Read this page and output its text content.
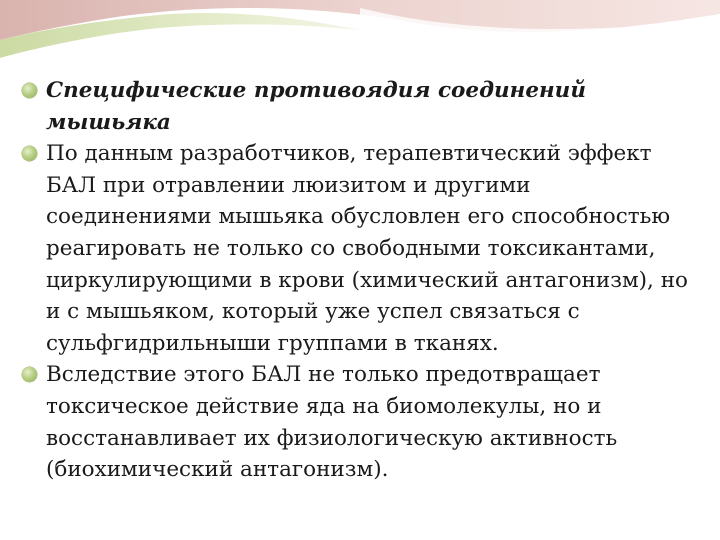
Специфические противоядия соединений мышьяка
По данным разработчиков, терапевтический эффект БАЛ при отравлении люизитом и другими соединениями мышьяка обусловлен его способностью реагировать не только со свободными токсикантами, циркулирующими в крови (химический антагонизм), но и с мышьяком, который уже успел связаться с сульфгидрильныши группами в тканях.
Вследствие этого БАЛ не только предотвращает токсическое действие яда на биомолекулы, но и восстанавливает их физиологическую активность (биохимический антагонизм).
